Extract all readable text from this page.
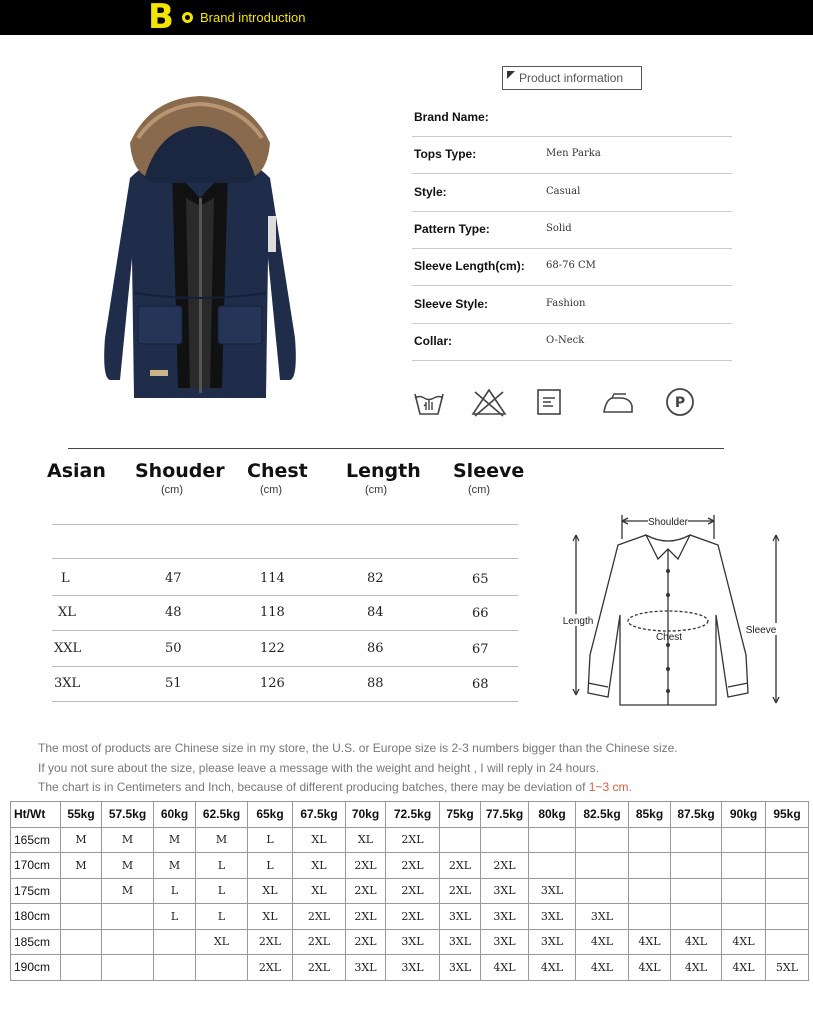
B Brand introduction
Product information
Brand Name:
Tops Type:	Men Parka
Style:	Casual
Pattern Type:	Solid
Sleeve Length(cm): 68-76 CM
Sleeve Style:	Fashion
Collar:	O-Neck
P
Asian Shouder
(cm)
Chest
(cm)
Length
(cm)
Sleeve
(cm)
L	47	114	82	65
XL	48	118	84	66
XXL	50	122	86	67
3XL	51	126	88	68
Shoulder
Length
Chest
Sleeve
The most of products are Chinese size in my store, the U.S. or Europe size is 2-3 numbers bigger than the Chinese size.
If you not sure about the size, please leave a message with the weight and height , I will reply in 24 hours.
The chart is in Centimeters and Inch, because of different producing batches, there may be deviation of 1~3 cm.
Ht/Wt	55kg	57.5kg	60kg	62.5kg	65kg	67.5kg	70kg	72.5kg	75kg	77.5kg	80kg	82.5kg	85kg	87.5kg	90kg	95kg
165cm	M	M	M	M	L	XL	XL	2XL								
170cm	M	M	M	L	L	XL	2XL	2XL	2XL	2XL						
175cm		M	L	L	XL	XL	2XL	2XL	2XL	3XL	3XL					
180cm			L	L	XL	2XL	2XL	2XL	3XL	3XL	3XL	3XL				
185cm				XL	2XL	2XL	2XL	3XL	3XL	3XL	3XL	4XL	4XL	4XL	4XL	
190cm					2XL	2XL	3XL	3XL	3XL	4XL	4XL	4XL	4XL	4XL	4XL	5XL
